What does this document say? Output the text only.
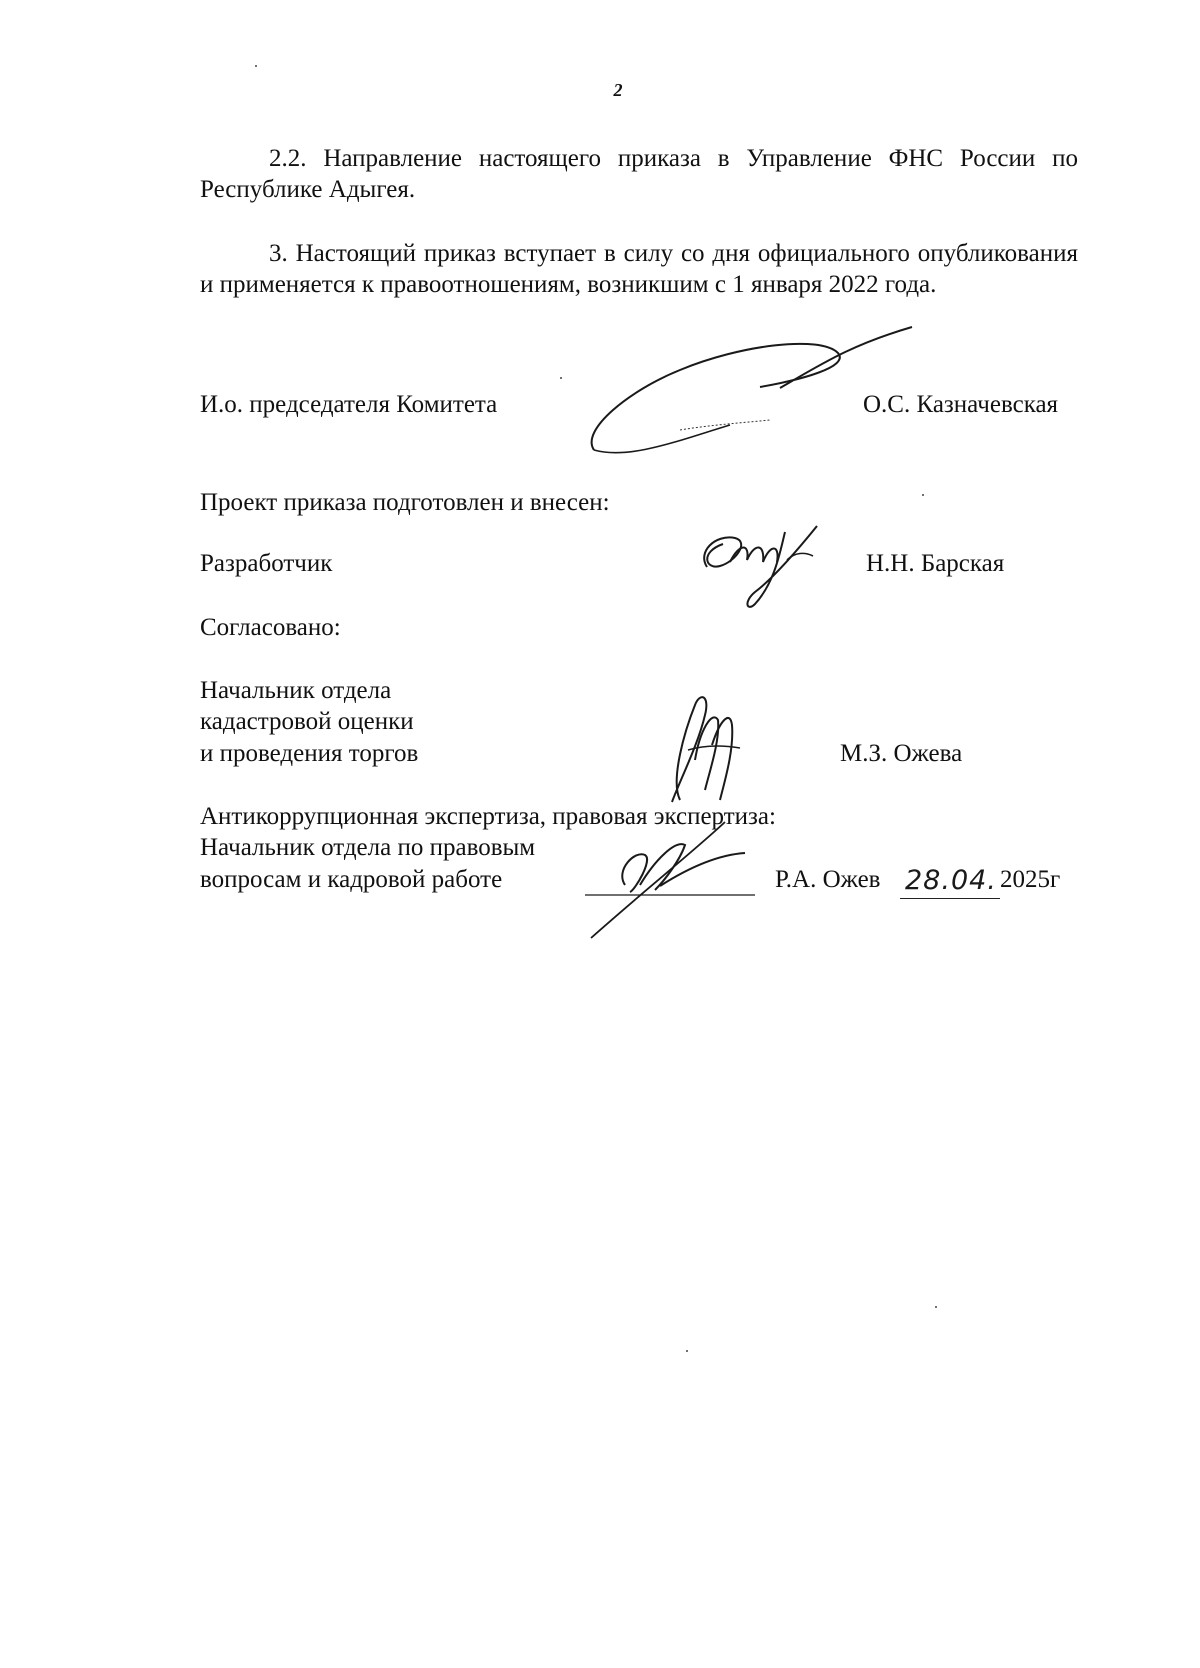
2
2.2. Направление настоящего приказа в Управление ФНС России по Республике Адыгея.
3. Настоящий приказ вступает в силу со дня официального опубликования и применяется к правоотношениям, возникшим с 1 января 2022 года.
И.о. председателя Комитета	О.С. Казначевская
Проект приказа подготовлен и внесен:
Разработчик	Н.Н. Барская
Согласовано:
Начальник отдела
кадастровой оценки
и проведения торгов	М.З. Ожева
Антикоррупционная экспертиза, правовая экспертиза:
Начальник отдела по правовым
вопросам и кадровой работе	Р.А. Ожев 28.04. 2025г
